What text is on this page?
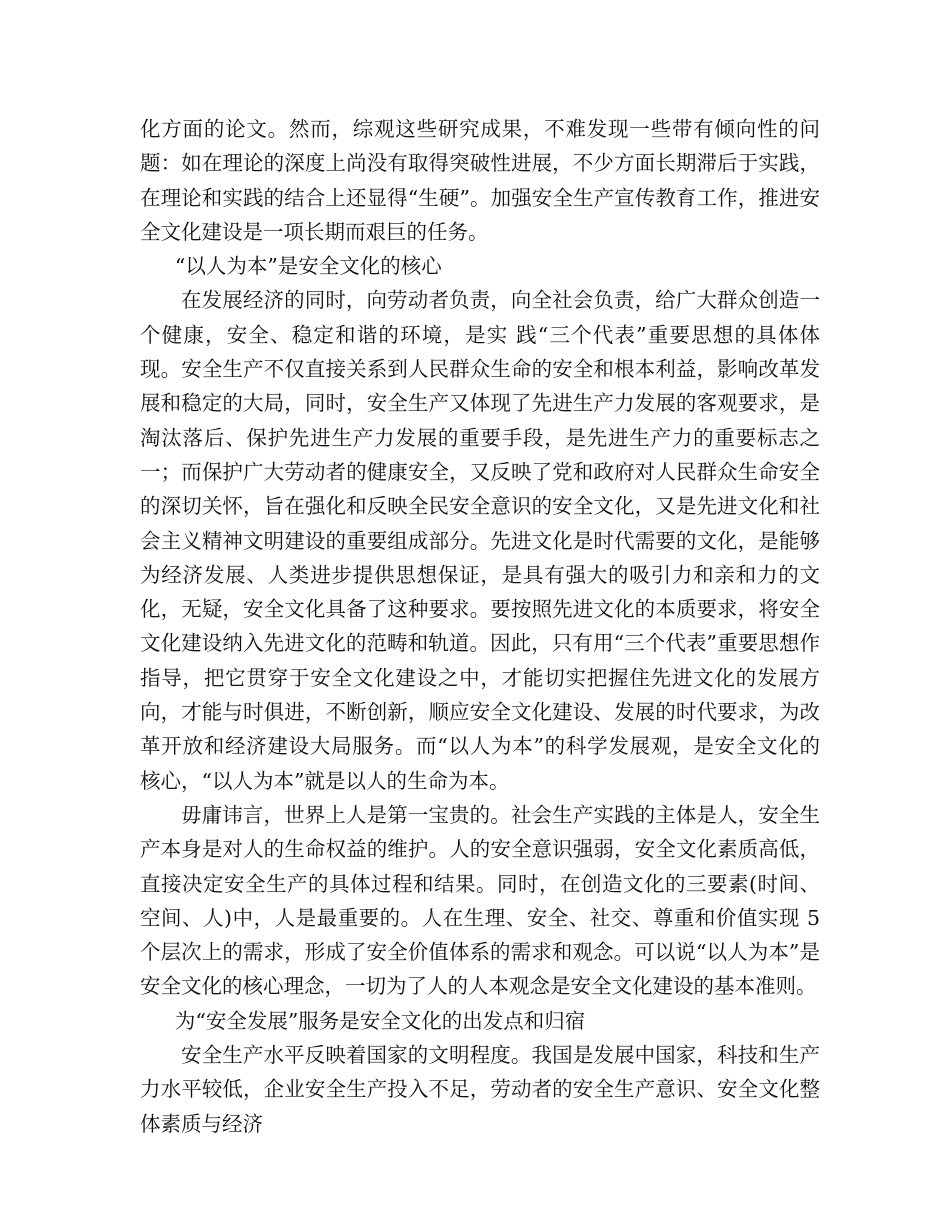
化方面的论文。然而，综观这些研究成果，不难发现一些带有倾向性的问题：如在理论的深度上尚没有取得突破性进展，不少方面长期滞后于实践，在理论和实践的结合上还显得“生硬”。加强安全生产宣传教育工作，推进安全文化建设是一项长期而艰巨的任务。

“以人为本”是安全文化的核心

在发展经济的同时，向劳动者负责，向全社会负责，给广大群众创造一个健康，安全、稳定和谐的环境，是实 践“三个代表”重要思想的具体体现。安全生产不仅直接关系到人民群众生命的安全和根本利益，影响改革发展和稳定的大局，同时，安全生产又体现了先进生产力发展的客观要求，是淘汰落后、保护先进生产力发展的重要手段，是先进生产力的重要标志之一；而保护广大劳动者的健康安全，又反映了党和政府对人民群众生命安全的深切关怀，旨在强化和反映全民安全意识的安全文化，又是先进文化和社会主义精神文明建设的重要组成部分。先进文化是时代需要的文化，是能够为经济发展、人类进步提供思想保证，是具有强大的吸引力和亲和力的文化，无疑，安全文化具备了这种要求。要按照先进文化的本质要求，将安全文化建设纳入先进文化的范畴和轨道。因此，只有用“三个代表”重要思想作指导，把它贯穿于安全文化建设之中，才能切实把握住先进文化的发展方向，才能与时俱进，不断创新，顺应安全文化建设、发展的时代要求，为改革开放和经济建设大局服务。而“以人为本”的科学发展观，是安全文化的 核心，“以人为本”就是以人的生命为本。

毋庸讳言，世界上人是第一宝贵的。社会生产实践的主体是人，安全生产本身是对人的生命权益的维护。人的安全意识强弱，安全文化素质高低，直接决定安全生产的具体过程和结果。同时，在创造文化的三要素(时间、空间、人)中，人是最重要的。人在生理、安全、社交、尊重和价值实现 5 个层次上的需求，形成了安全价值体系的需求和观念。可以说“以人为本”是安全文化的核心理念，一切为了人的人本观念是安全文化建设的基本准则。

为“安全发展”服务是安全文化的出发点和归宿

安全生产水平反映着国家的文明程度。我国是发展中国家，科技和生产力水平较低，企业安全生产投入不足，劳动者的安全生产意识、安全文化整体素质与经济
